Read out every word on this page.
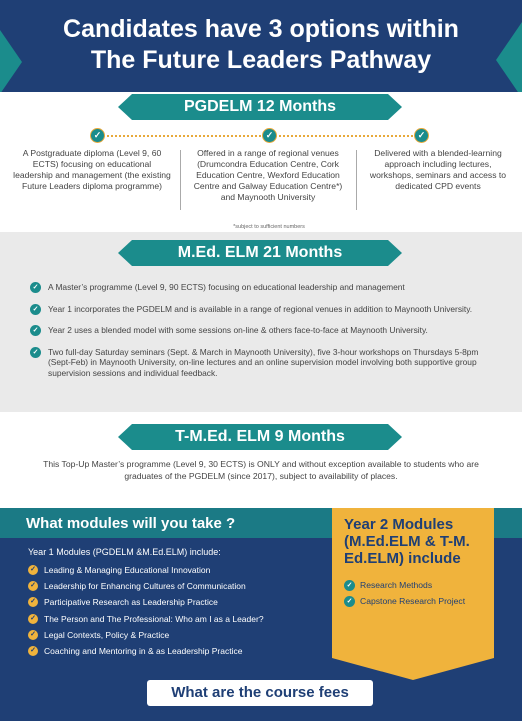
Candidates have 3 options within
The Future Leaders Pathway
PGDELM 12 Months
✓	✓	✓
A Postgraduate diploma (Level 9, 60 ECTS) focusing on educational leadership and management (the existing Future Leaders diploma programme)
Offered in a range of regional venues (Drumcondra Education Centre, Cork Education Centre, Wexford Education Centre and Galway Education Centre*) and Maynooth University
Delivered with a blended-learning approach including lectures, workshops, seminars and access to dedicated CPD events
*subject to sufficient numbers
M.Ed. ELM 21 Months
✓	A Master’s programme (Level 9, 90 ECTS) focusing on educational leadership and management
✓	Year 1 incorporates the PGDELM and is available in a range of regional venues in addition to Maynooth University.
✓	Year 2 uses a blended model with some sessions on-line & others face-to-face at Maynooth University.
✓	Two full-day Saturday seminars (Sept. & March in Maynooth University), five 3-hour workshops on Thursdays 5-8pm (Sept-Feb) in Maynooth University, on-line lectures and an online supervision model involving both supportive group supervision sessions and individual feedback.
T-M.Ed. ELM 9 Months
This Top-Up Master’s programme (Level 9, 30 ECTS) is ONLY and without exception available to students who are graduates of the PGDELM (since 2017), subject to availability of places.
What modules will you take ?
Year 1 Modules (PGDELM &M.Ed.ELM) include:
✓ Leading & Managing Educational Innovation
✓ Leadership for Enhancing Cultures of Communication
✓ Participative Research as Leadership Practice
✓ The Person and The Professional: Who am I as a Leader?
✓ Legal Contexts, Policy & Practice
✓ Coaching and Mentoring in & as Leadership Practice
Year 2 Modules (M.Ed.ELM & T-M. Ed.ELM) include
✓ Research Methods
✓ Capstone Research Project
What are the course fees
